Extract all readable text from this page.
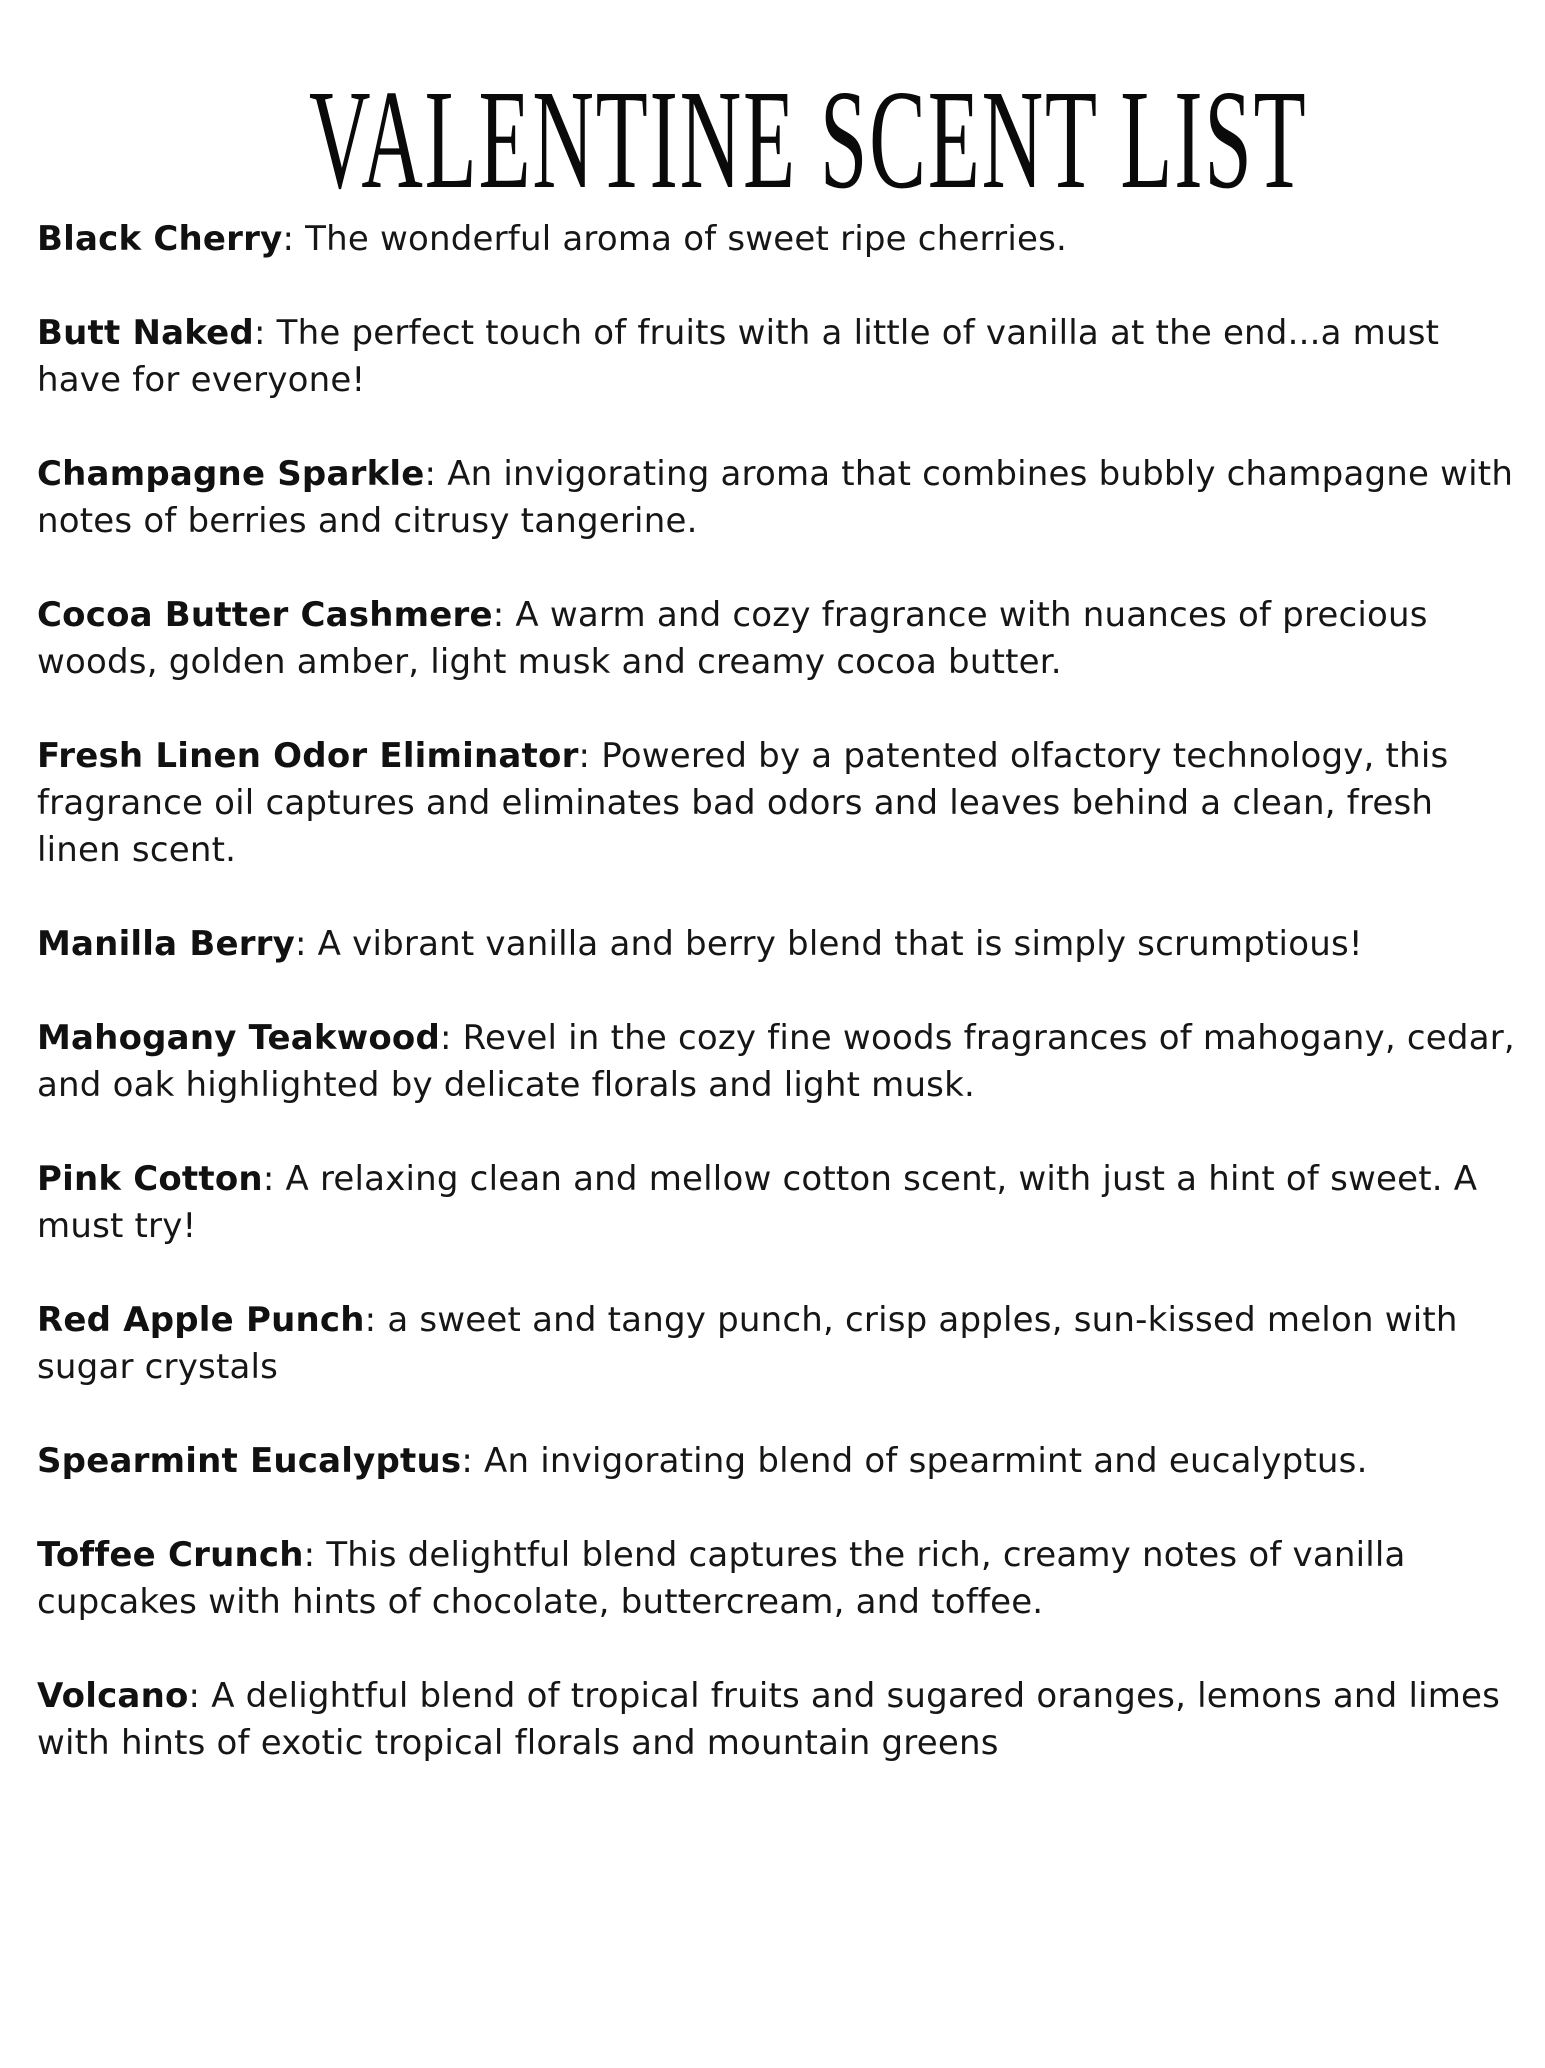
VALENTINE SCENT LIST

Black Cherry: The wonderful aroma of sweet ripe cherries.

Butt Naked: The perfect touch of fruits with a little of vanilla at the end...a must have for everyone!

Champagne Sparkle: An invigorating aroma that combines bubbly champagne with notes of berries and citrusy tangerine.

Cocoa Butter Cashmere: A warm and cozy fragrance with nuances of precious woods, golden amber, light musk and creamy cocoa butter.

Fresh Linen Odor Eliminator: Powered by a patented olfactory technology, this fragrance oil captures and eliminates bad odors and leaves behind a clean, fresh linen scent.

Manilla Berry: A vibrant vanilla and berry blend that is simply scrumptious!

Mahogany Teakwood: Revel in the cozy fine woods fragrances of mahogany, cedar, and oak highlighted by delicate florals and light musk.

Pink Cotton: A relaxing clean and mellow cotton scent, with just a hint of sweet. A must try!

Red Apple Punch: a sweet and tangy punch, crisp apples, sun-kissed melon with sugar crystals

Spearmint Eucalyptus: An invigorating blend of spearmint and eucalyptus.

Toffee Crunch: This delightful blend captures the rich, creamy notes of vanilla cupcakes with hints of chocolate, buttercream, and toffee.

Volcano: A delightful blend of tropical fruits and sugared oranges, lemons and limes with hints of exotic tropical florals and mountain greens
